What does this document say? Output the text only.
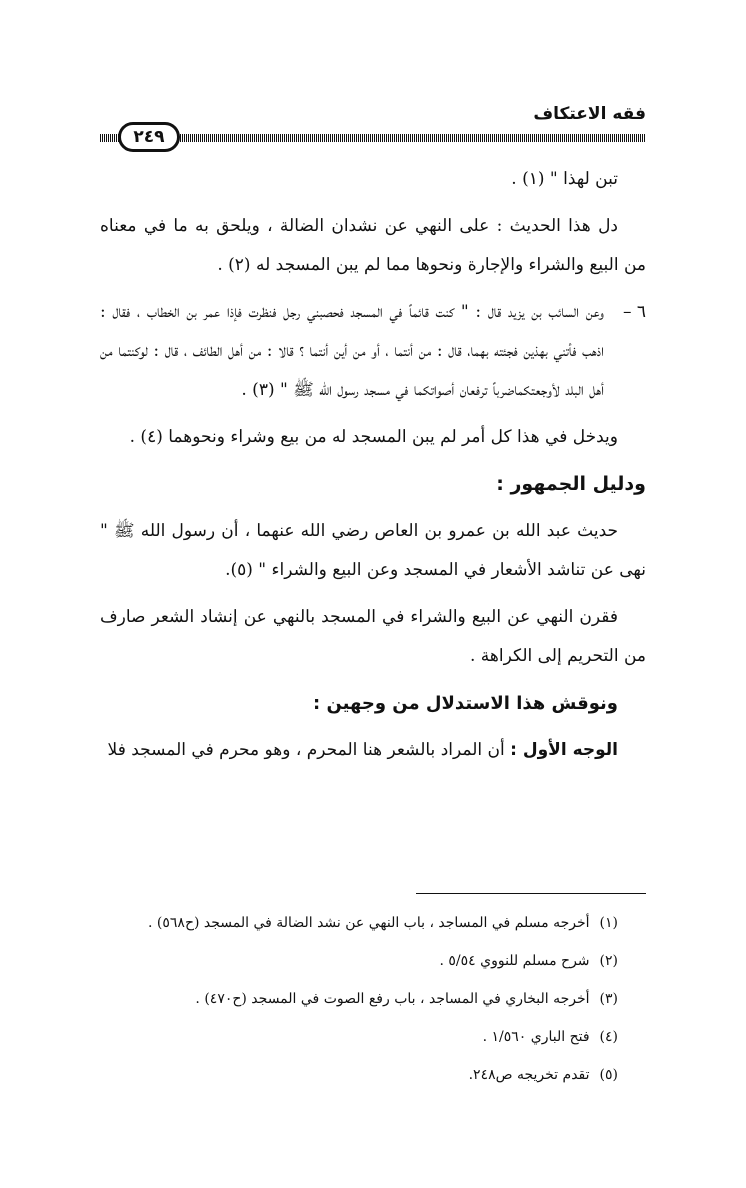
فقه الاعتكاف
٢٤٩

تبن لهذا " (١) .

دل هذا الحديث : على النهي عن نشدان الضالة ، ويلحق به ما في معناه من البيع والشراء والإجارة ونحوها مما لم يبن المسجد له (٢) .

٦ –
وعن السائب بن يزيد قال : " كنت قائماً في المسجد فحصبني رجل فنظرت فإذا عمر بن الخطاب ، فقال : اذهب فأتني بهذين فجئته بهما، قال : من أنتما ، أو من أين أنتما ؟ قالا : من أهل الطائف ، قال : لوكنتما من أهل البلد لأوجعتكماضرباً ترفعان أصواتكما في مسجد رسول الله ﷺ " (٣) .

ويدخل في هذا كل أمر لم يبن المسجد له من بيع وشراء ونحوهما (٤) .

ودليل الجمهور :

حديث عبد الله بن عمرو بن العاص رضي الله عنهما ، أن رسول الله ﷺ " نهى عن تناشد الأشعار في المسجد وعن البيع والشراء " (٥).

فقرن النهي عن البيع والشراء في المسجد بالنهي عن إنشاد الشعر صارف من التحريم إلى الكراهة .

ونوقش هذا الاستدلال من وجهين :

الوجه الأول : أن المراد بالشعر هنا المحرم ، وهو محرم في المسجد فلا

(١)أخرجه مسلم في المساجد ، باب النهي عن نشد الضالة في المسجد (ح٥٦٨) .
(٢)شرح مسلم للنووي ٥/٥٤ .
(٣)أخرجه البخاري في المساجد ، باب رفع الصوت في المسجد (ح٤٧٠) .
(٤)فتح الباري ١/٥٦٠ .
(٥)تقدم تخريجه ص٢٤٨.
